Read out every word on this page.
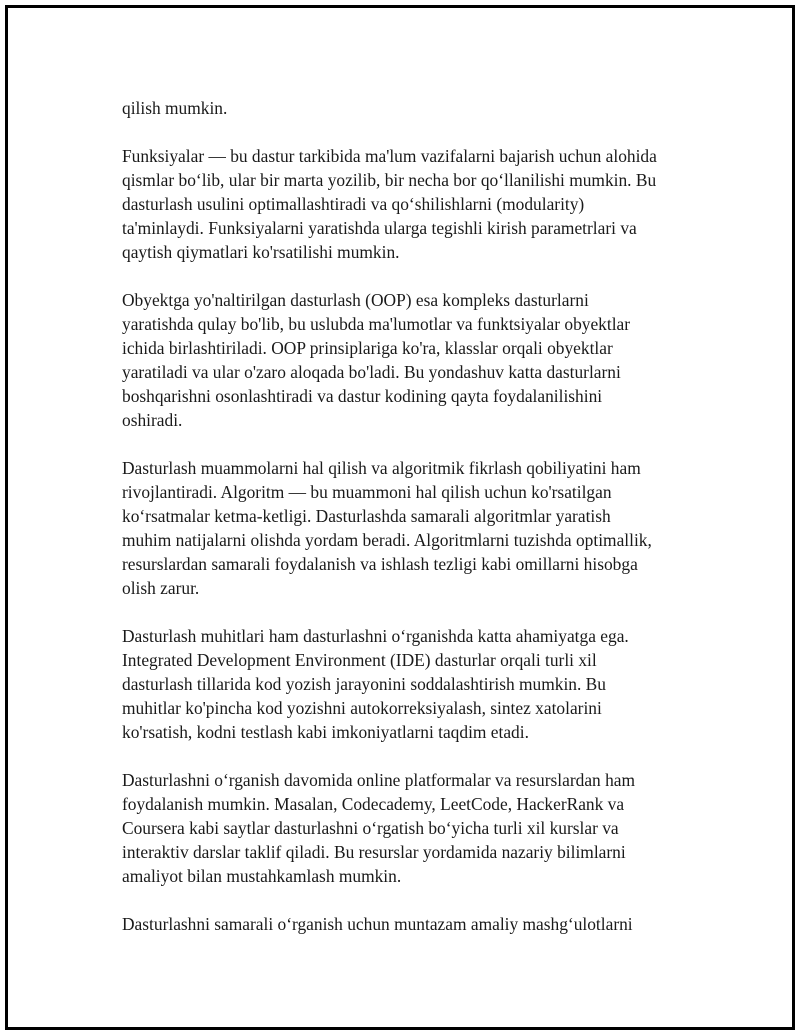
qilish mumkin.
Funksiyalar — bu dastur tarkibida ma'lum vazifalarni bajarish uchun alohida
qismlar bo‘lib, ular bir marta yozilib, bir necha bor qo‘llanilishi mumkin. Bu
dasturlash usulini optimallashtiradi va qo‘shilishlarni (modularity)
ta'minlaydi. Funksiyalarni yaratishda ularga tegishli kirish parametrlari va
qaytish qiymatlari ko'rsatilishi mumkin.
Obyektga yo'naltirilgan dasturlash (OOP) esa kompleks dasturlarni
yaratishda qulay bo'lib, bu uslubda ma'lumotlar va funktsiyalar obyektlar
ichida birlashtiriladi. OOP prinsiplariga ko'ra, klasslar orqali obyektlar
yaratiladi va ular o'zaro aloqada bo'ladi. Bu yondashuv katta dasturlarni
boshqarishni osonlashtiradi va dastur kodining qayta foydalanilishini
oshiradi.
Dasturlash muammolarni hal qilish va algoritmik fikrlash qobiliyatini ham
rivojlantiradi. Algoritm — bu muammoni hal qilish uchun ko'rsatilgan
ko‘rsatmalar ketma-ketligi. Dasturlashda samarali algoritmlar yaratish
muhim natijalarni olishda yordam beradi. Algoritmlarni tuzishda optimallik,
resurslardan samarali foydalanish va ishlash tezligi kabi omillarni hisobga
olish zarur.
Dasturlash muhitlari ham dasturlashni o‘rganishda katta ahamiyatga ega.
Integrated Development Environment (IDE) dasturlar orqali turli xil
dasturlash tillarida kod yozish jarayonini soddalashtirish mumkin. Bu
muhitlar ko'pincha kod yozishni autokorreksiyalash, sintez xatolarini
ko'rsatish, kodni testlash kabi imkoniyatlarni taqdim etadi.
Dasturlashni o‘rganish davomida online platformalar va resurslardan ham
foydalanish mumkin. Masalan, Codecademy, LeetCode, HackerRank va
Coursera kabi saytlar dasturlashni o‘rgatish bo‘yicha turli xil kurslar va
interaktiv darslar taklif qiladi. Bu resurslar yordamida nazariy bilimlarni
amaliyot bilan mustahkamlash mumkin.
Dasturlashni samarali o‘rganish uchun muntazam amaliy mashg‘ulotlarni
